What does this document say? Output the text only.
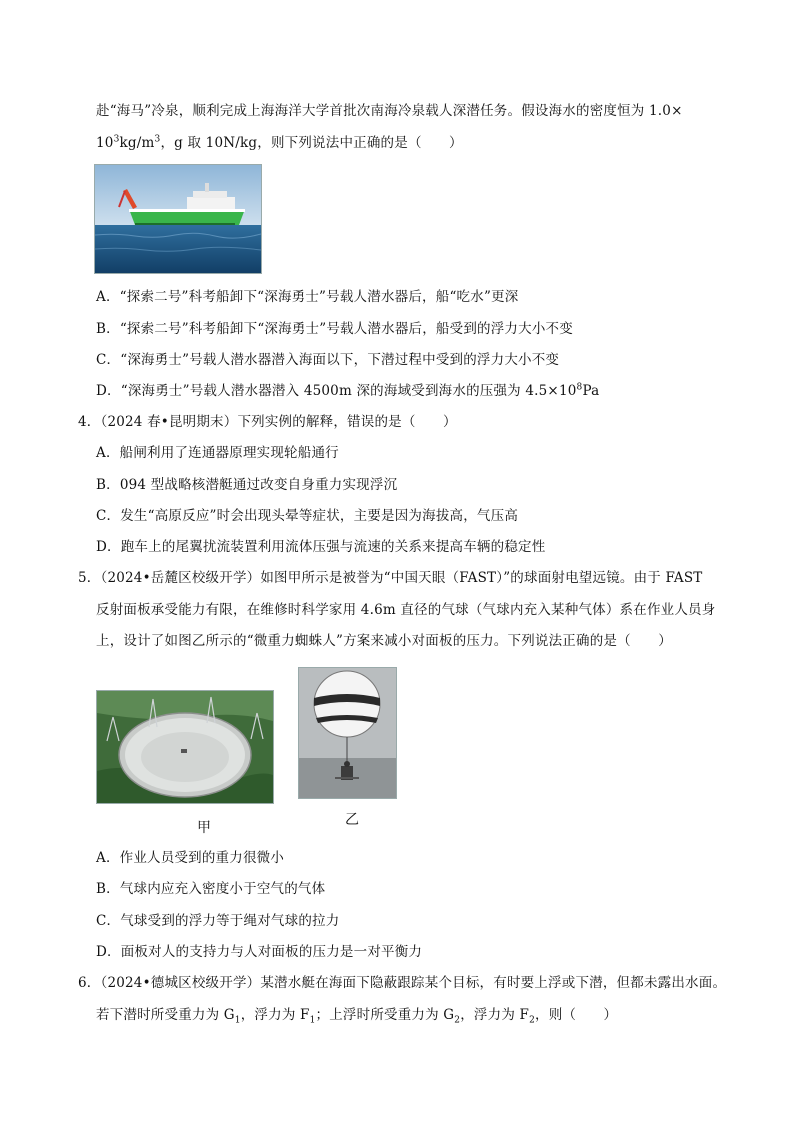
赴“海马”冷泉，顺利完成上海海洋大学首批次南海冷泉载人深潜任务。假设海水的密度恒为 1.0×
$10^3kg/m^3$，g 取 10N/kg，则下列说法中正确的是（　　）
A．“探索二号”科考船卸下“深海勇士”号载人潜水器后，船“吃水”更深
B．“探索二号”科考船卸下“深海勇士”号载人潜水器后，船受到的浮力大小不变
C．“深海勇士”号载人潜水器潜入海面以下，下潜过程中受到的浮力大小不变
D．“深海勇士”号载人潜水器潜入 4500m 深的海域受到海水的压强为 $4.5\times 10^8Pa$
4．（2024 春•昆明期末）下列实例的解释，错误的是（　　）
A．船闸利用了连通器原理实现轮船通行
B．094 型战略核潜艇通过改变自身重力实现浮沉
C．发生“高原反应”时会出现头晕等症状，主要是因为海拔高，气压高
D．跑车上的尾翼扰流装置利用流体压强与流速的关系来提高车辆的稳定性
5．（2024•岳麓区校级开学）如图甲所示是被誉为“中国天眼（FAST）”的球面射电望远镜。由于 FAST
反射面板承受能力有限，在维修时科学家用 4.6m 直径的气球（气球内充入某种气体）系在作业人员身
上，设计了如图乙所示的“微重力蜘蛛人”方案来减小对面板的压力。下列说法正确的是（　　）
甲	乙
A．作业人员受到的重力很微小
B．气球内应充入密度小于空气的气体
C．气球受到的浮力等于绳对气球的拉力
D．面板对人的支持力与人对面板的压力是一对平衡力
6．（2024•德城区校级开学）某潜水艇在海面下隐蔽跟踪某个目标，有时要上浮或下潜，但都未露出水面。
若下潜时所受重力为 $G_1$，浮力为 $F_1$；上浮时所受重力为 $G_2$，浮力为 $F_2$，则（　　）
